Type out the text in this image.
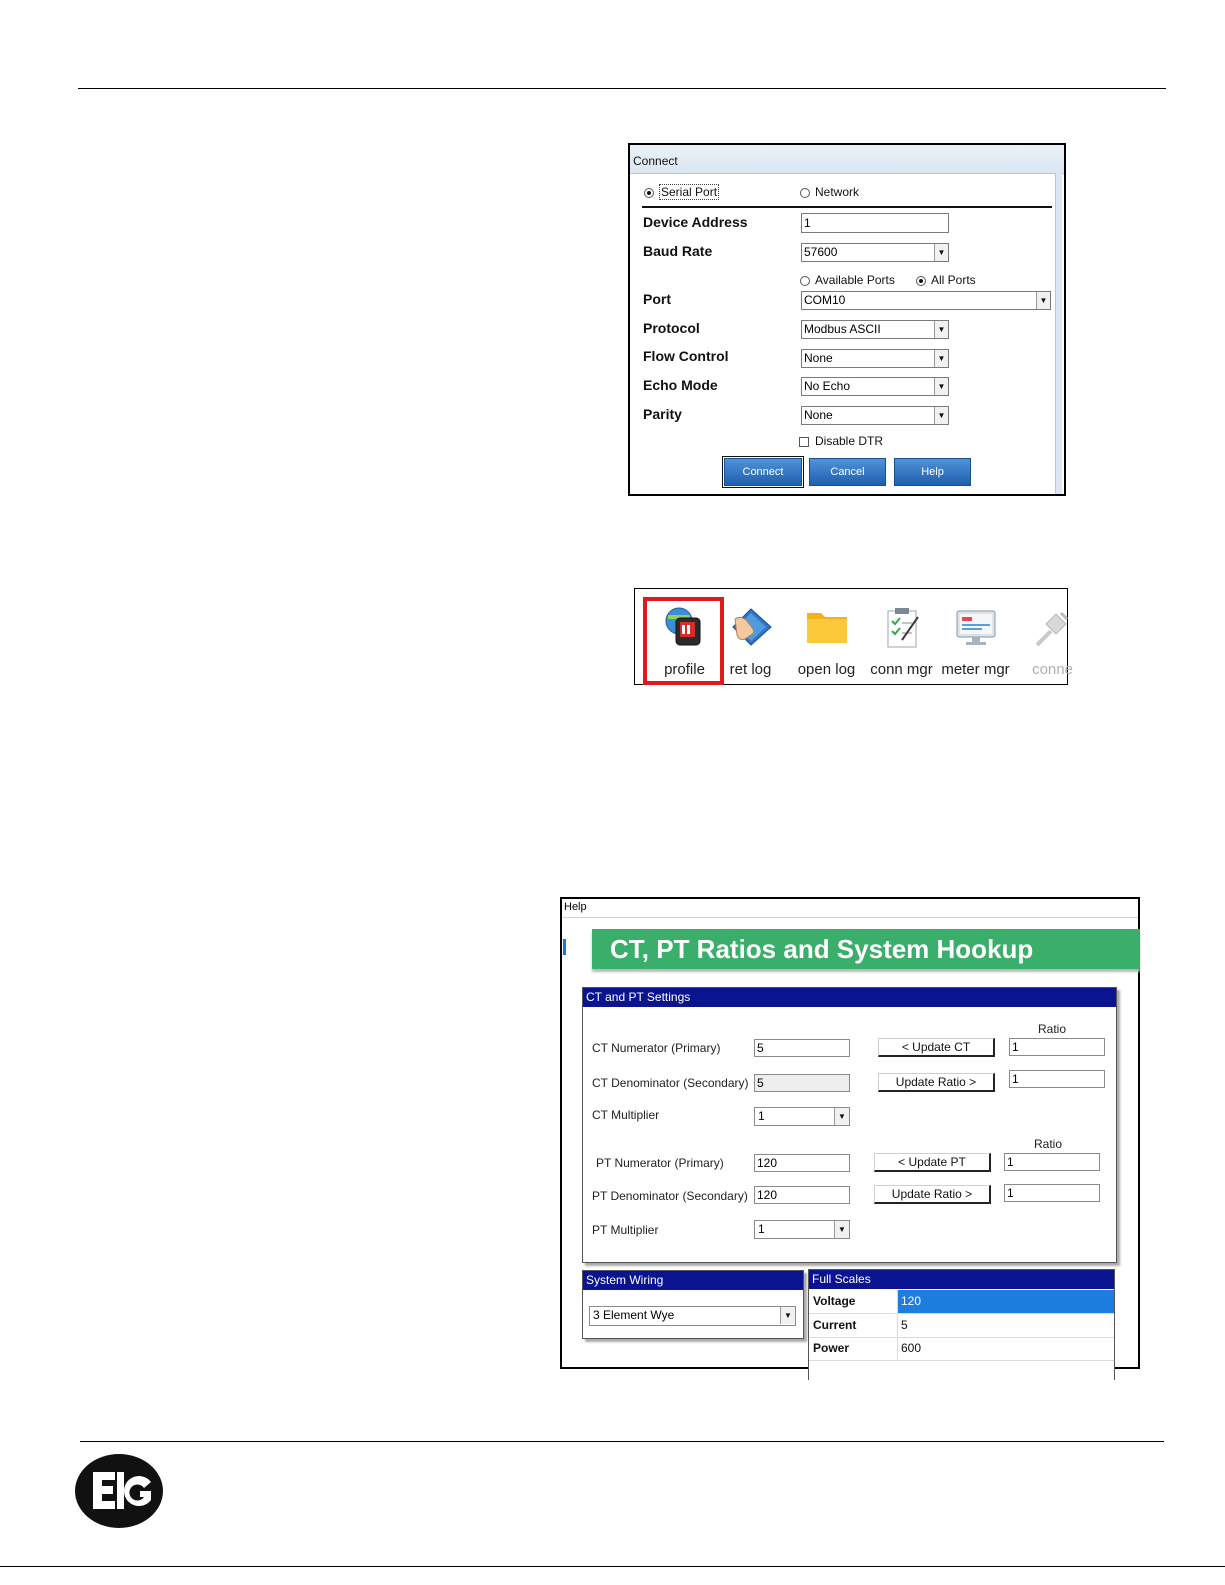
Connect
Serial Port	Network
Device Address	1
Baud Rate	57600	▼
Available Ports	All Ports
Port	COM10	▼
Protocol	Modbus ASCII	▼
Flow Control	None	▼
Echo Mode	No Echo	▼
Parity	None	▼
Disable DTR
Connect	Cancel	Help
profile	ret log	open log conn mgr meter mgr	conne
Help
CT, PT Ratios and System Hookup
CT and PT Settings
Ratio
CT Numerator (Primary)	5	< Update CT	1
CT Denominator (Secondary) 5	Update Ratio >	1
CT Multiplier	1	▼
Ratio
PT Numerator (Primary)	120	< Update PT	1
PT Denominator (Secondary) 120	Update Ratio >	1
PT Multiplier	1	▼
System Wiring
3 Element Wye	▼
Full Scales
Voltage	120
Current	5
Power	600
